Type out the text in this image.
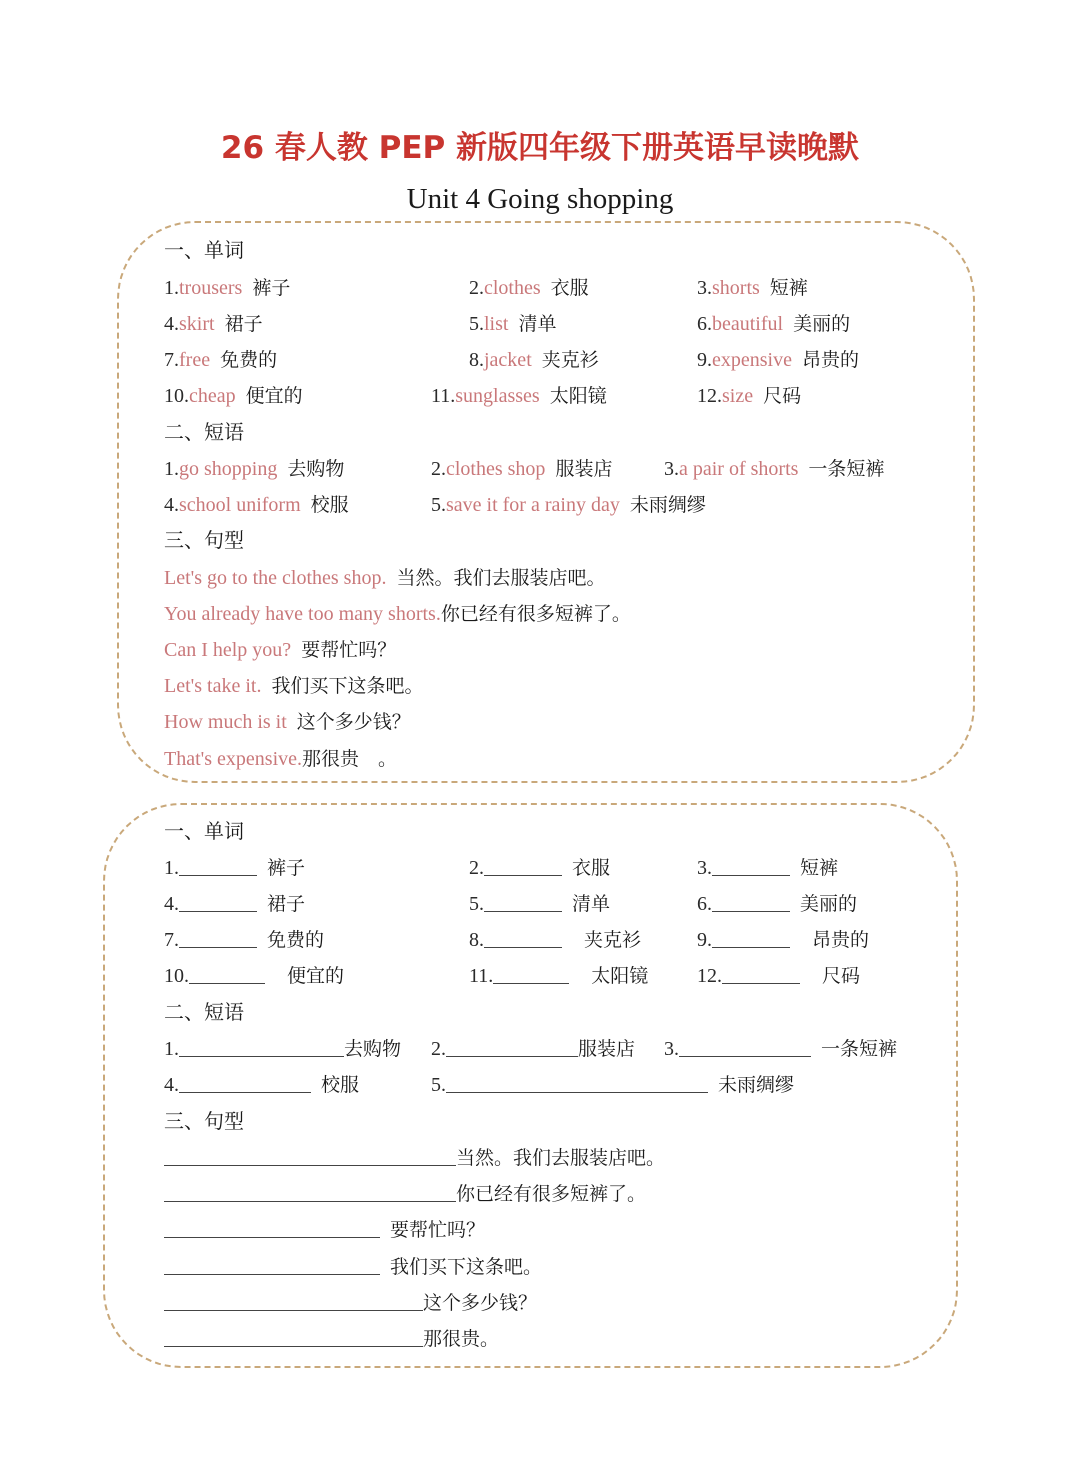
26 春人教 PEP 新版四年级下册英语早读晚默
Unit 4 Going shopping
一、单词
1.trousers 裤子	2.clothes 衣服	3.shorts 短裤
4.skirt 裙子	5.list 清单	6.beautiful 美丽的
7.free 免费的	8.jacket 夹克衫	9.expensive 昂贵的
10.cheap 便宜的	11.sunglasses 太阳镜	12.size 尺码
二、短语
1.go shopping 去购物	2.clothes shop 服装店	3.a pair of shorts 一条短裤
4.school uniform 校服	5.save it for a rainy day 未雨绸缪
三、句型
Let's go to the clothes shop. 当然。我们去服装店吧。
You already have too many shorts.你已经有很多短裤了。
Can I help you? 要帮忙吗？
Let's take it. 我们买下这条吧。
How much is it 这个多少钱？
That's expensive.那很贵　。
一、单词
1.	裤子	2.	衣服	3.	短裤
4.	裙子	5.	清单	6.	美丽的
7.	免费的	8.	夹克衫	9.	昂贵的
10.	便宜的	11.	太阳镜 12.	尺码
二、短语
1.	去购物 2.	服装店 3.	一条短裤
4.	校服	5.	未雨绸缪
三、句型
当然。我们去服装店吧。
你已经有很多短裤了。
要帮忙吗？
我们买下这条吧。
这个多少钱？
那很贵。
